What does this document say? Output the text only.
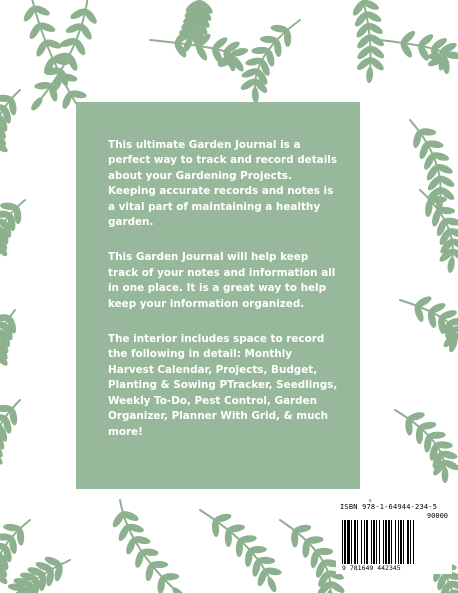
This ultimate Garden Journal is a perfect way to track and record details about your Gardening Projects. Keeping accurate records and notes is a vital part of maintaining a healthy garden.

This Garden Journal will help keep track of your notes and information all in one place. It is a great way to help keep your information organized.

The interior includes space to record the following in detail: Monthly Harvest Calendar, Projects, Budget, Planting & Sowing PTracker, Seedlings, Weekly To-Do, Pest Control, Garden Organizer, Planner With Grid, & much more!

ISBN 978-1-64944-234-5
90000
9 781649 442345
